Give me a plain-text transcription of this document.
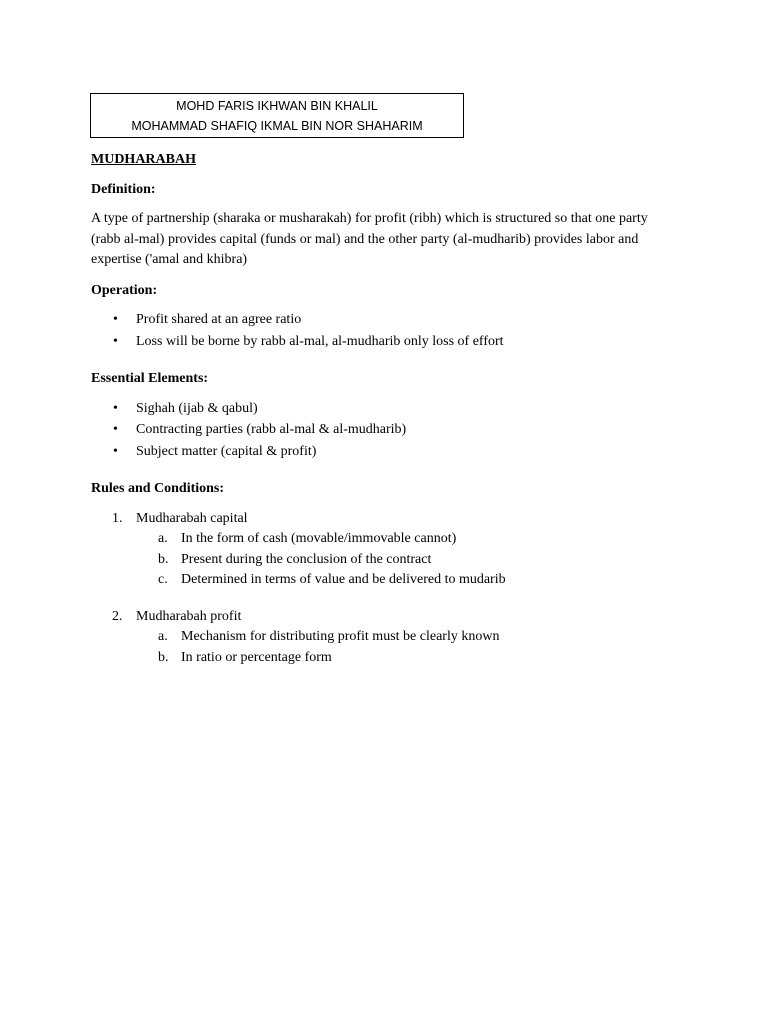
MOHD FARIS IKHWAN BIN KHALIL
MOHAMMAD SHAFIQ IKMAL BIN NOR SHAHARIM
MUDHARABAH
Definition:
A type of partnership (sharaka or musharakah) for profit (ribh) which is structured so that one party (rabb al-mal) provides capital (funds or mal) and the other party (al-mudharib) provides labor and expertise ('amal and khibra)
Operation:
• Profit shared at an agree ratio
• Loss will be borne by rabb al-mal, al-mudharib only loss of effort
Essential Elements:
• Sighah (ijab & qabul)
• Contracting parties (rabb al-mal & al-mudharib)
• Subject matter (capital & profit)
Rules and Conditions:
1. Mudharabah capital
a. In the form of cash (movable/immovable cannot)
b. Present during the conclusion of the contract
c. Determined in terms of value and be delivered to mudarib
2. Mudharabah profit
a. Mechanism for distributing profit must be clearly known
b. In ratio or percentage form
